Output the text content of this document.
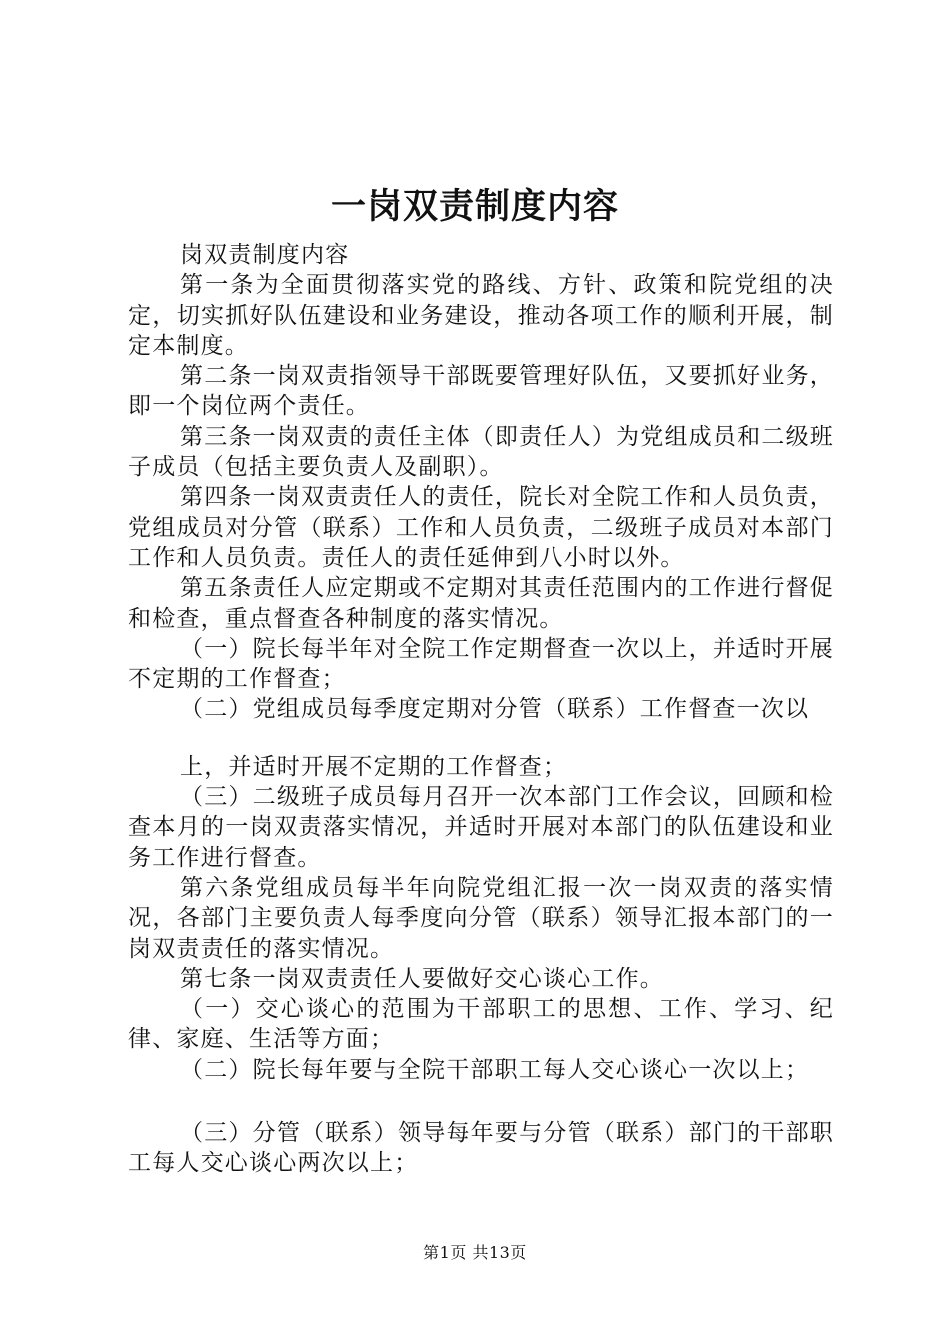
一岗双责制度内容

岗双责制度内容

第一条为全面贯彻落实党的路线、方针、政策和院党组的决定，切实抓好队伍建设和业务建设，推动各项工作的顺利开展，制定本制度。

第二条一岗双责指领导干部既要管理好队伍，又要抓好业务，即一个岗位两个责任。

第三条一岗双责的责任主体（即责任人）为党组成员和二级班子成员（包括主要负责人及副职）。

第四条一岗双责责任人的责任，院长对全院工作和人员负责，党组成员对分管（联系）工作和人员负责，二级班子成员对本部门工作和人员负责。责任人的责任延伸到八小时以外。

第五条责任人应定期或不定期对其责任范围内的工作进行督促和检查，重点督查各种制度的落实情况。

（一）院长每半年对全院工作定期督查一次以上，并适时开展不定期的工作督查；

（二）党组成员每季度定期对分管（联系）工作督查一次以

上，并适时开展不定期的工作督查；

（三）二级班子成员每月召开一次本部门工作会议，回顾和检查本月的一岗双责落实情况，并适时开展对本部门的队伍建设和业务工作进行督查。

第六条党组成员每半年向院党组汇报一次一岗双责的落实情况，各部门主要负责人每季度向分管（联系）领导汇报本部门的一岗双责责任的落实情况。

第七条一岗双责责任人要做好交心谈心工作。

（一）交心谈心的范围为干部职工的思想、工作、学习、纪律、家庭、生活等方面；

（二）院长每年要与全院干部职工每人交心谈心一次以上；

（三）分管（联系）领导每年要与分管（联系）部门的干部职工每人交心谈心两次以上；

第1页 共13页
